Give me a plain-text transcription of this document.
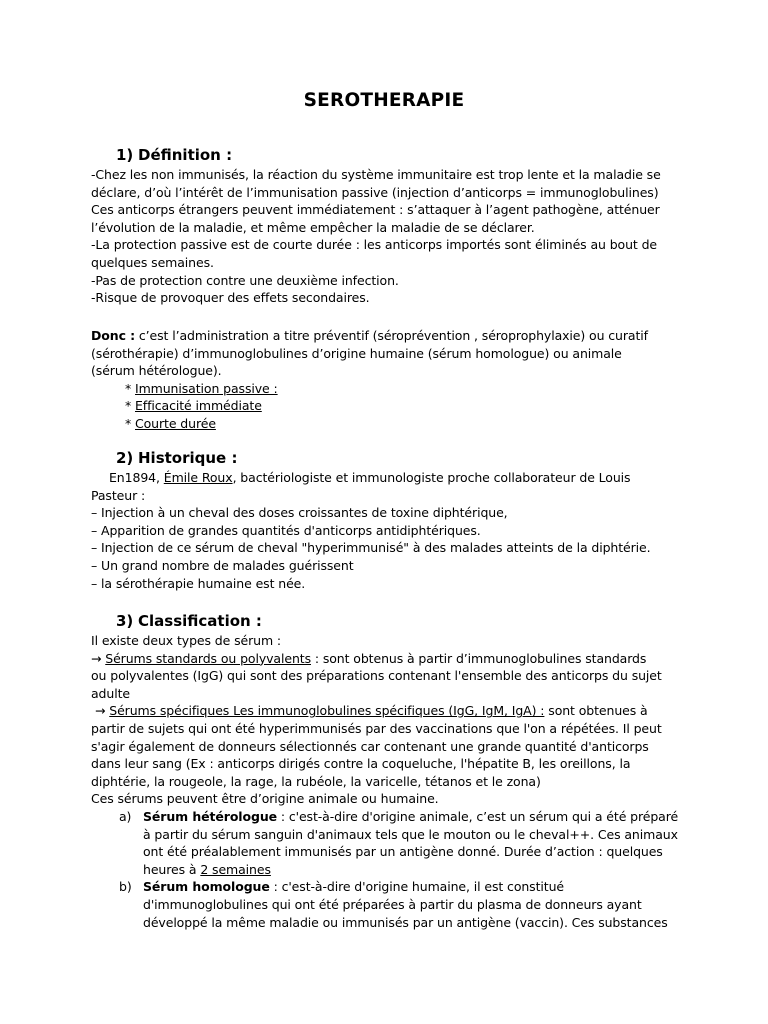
SEROTHERAPIE
1) Définition :
-Chez les non immunisés, la réaction du système immunitaire est trop lente et la maladie se
déclare, d’où l’intérêt de l’immunisation passive (injection d’anticorps = immunoglobulines)
Ces anticorps étrangers peuvent immédiatement : s’attaquer à l’agent pathogène, atténuer
l’évolution de la maladie, et même empêcher la maladie de se déclarer.
-La protection passive est de courte durée : les anticorps importés sont éliminés au bout de
quelques semaines.
-Pas de protection contre une deuxième infection.
-Risque de provoquer des effets secondaires.
Donc : c’est l’administration a titre préventif (séroprévention , séroprophylaxie) ou curatif
(sérothérapie) d’immunoglobulines d’origine humaine (sérum homologue) ou animale
(sérum hétérologue).
* Immunisation passive :
* Efficacité immédiate
* Courte durée
2) Historique :
En1894, Émile Roux, bactériologiste et immunologiste proche collaborateur de Louis
Pasteur :
– Injection à un cheval des doses croissantes de toxine diphtérique,
– Apparition de grandes quantités d'anticorps antidiphtériques.
– Injection de ce sérum de cheval "hyperimmunisé" à des malades atteints de la diphtérie.
– Un grand nombre de malades guérissent
– la sérothérapie humaine est née.
3) Classification :
Il existe deux types de sérum :
→ Sérums standards ou polyvalents : sont obtenus à partir d’immunoglobulines standards
ou polyvalentes (IgG) qui sont des préparations contenant l'ensemble des anticorps du sujet
adulte
→ Sérums spécifiques Les immunoglobulines spécifiques (IgG, IgM, IgA) : sont obtenues à
partir de sujets qui ont été hyperimmunisés par des vaccinations que l'on a répétées. Il peut
s'agir également de donneurs sélectionnés car contenant une grande quantité d'anticorps
dans leur sang (Ex : anticorps dirigés contre la coqueluche, l'hépatite B, les oreillons, la
diphtérie, la rougeole, la rage, la rubéole, la varicelle, tétanos et le zona)
Ces sérums peuvent être d’origine animale ou humaine.
a) Sérum hétérologue : c'est-à-dire d'origine animale, c’est un sérum qui a été préparé
à partir du sérum sanguin d'animaux tels que le mouton ou le cheval++. Ces animaux
ont été préalablement immunisés par un antigène donné. Durée d’action : quelques
heures à 2 semaines
b) Sérum homologue : c'est-à-dire d'origine humaine, il est constitué
d'immunoglobulines qui ont été préparées à partir du plasma de donneurs ayant
développé la même maladie ou immunisés par un antigène (vaccin). Ces substances
